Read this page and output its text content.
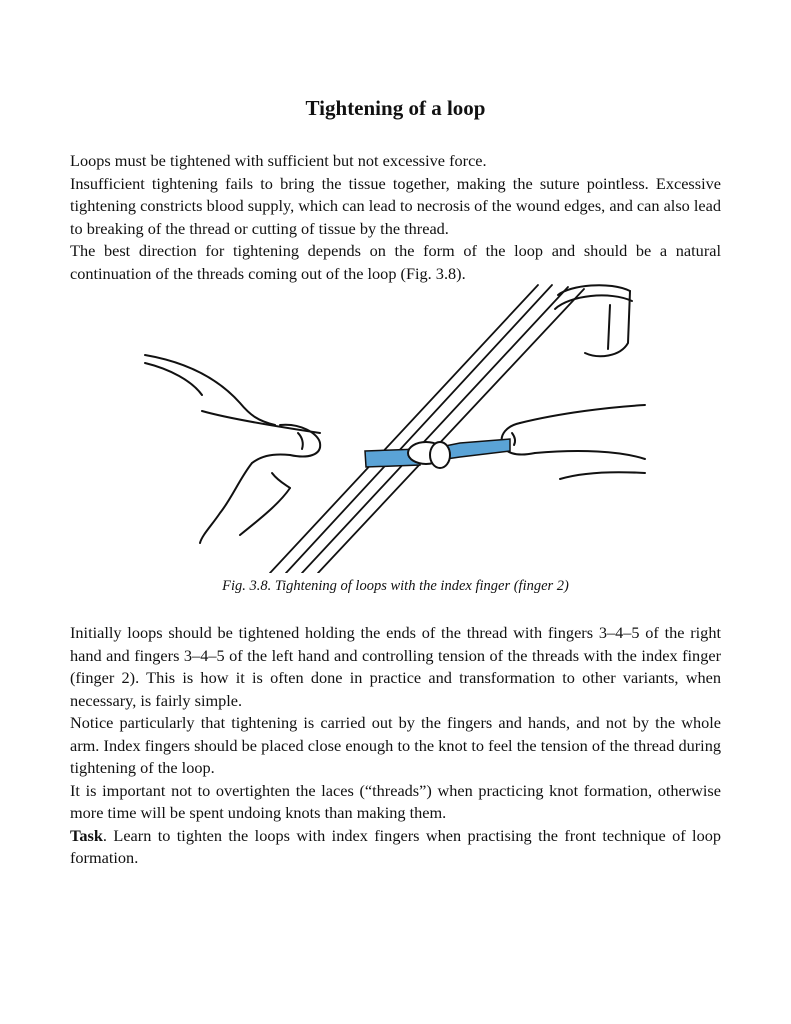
Tightening of a loop

Loops must be tightened with sufficient but not excessive force.

Insufficient tightening fails to bring the tissue together, making the suture pointless. Excessive tightening constricts blood supply, which can lead to necrosis of the wound edges, and can also lead to breaking of the thread or cutting of tissue by the thread.

The best direction for tightening depends on the form of the loop and should be a natural continuation of the threads coming out of the loop (Fig. 3.8).

Fig. 3.8. Tightening of loops with the index finger (finger 2)

Initially loops should be tightened holding the ends of the thread with fingers 3–4–5 of the right hand and fingers 3–4–5 of the left hand and controlling tension of the threads with the index finger (finger 2). This is how it is often done in practice and transformation to other variants, when necessary, is fairly simple.

Notice particularly that tightening is carried out by the fingers and hands, and not by the whole arm. Index fingers should be placed close enough to the knot to feel the tension of the thread during tightening of the loop.

It is important not to overtighten the laces (“threads”) when practicing knot formation, otherwise more time will be spent undoing knots than making them.

Task. Learn to tighten the loops with index fingers when practising the front technique of loop formation.
